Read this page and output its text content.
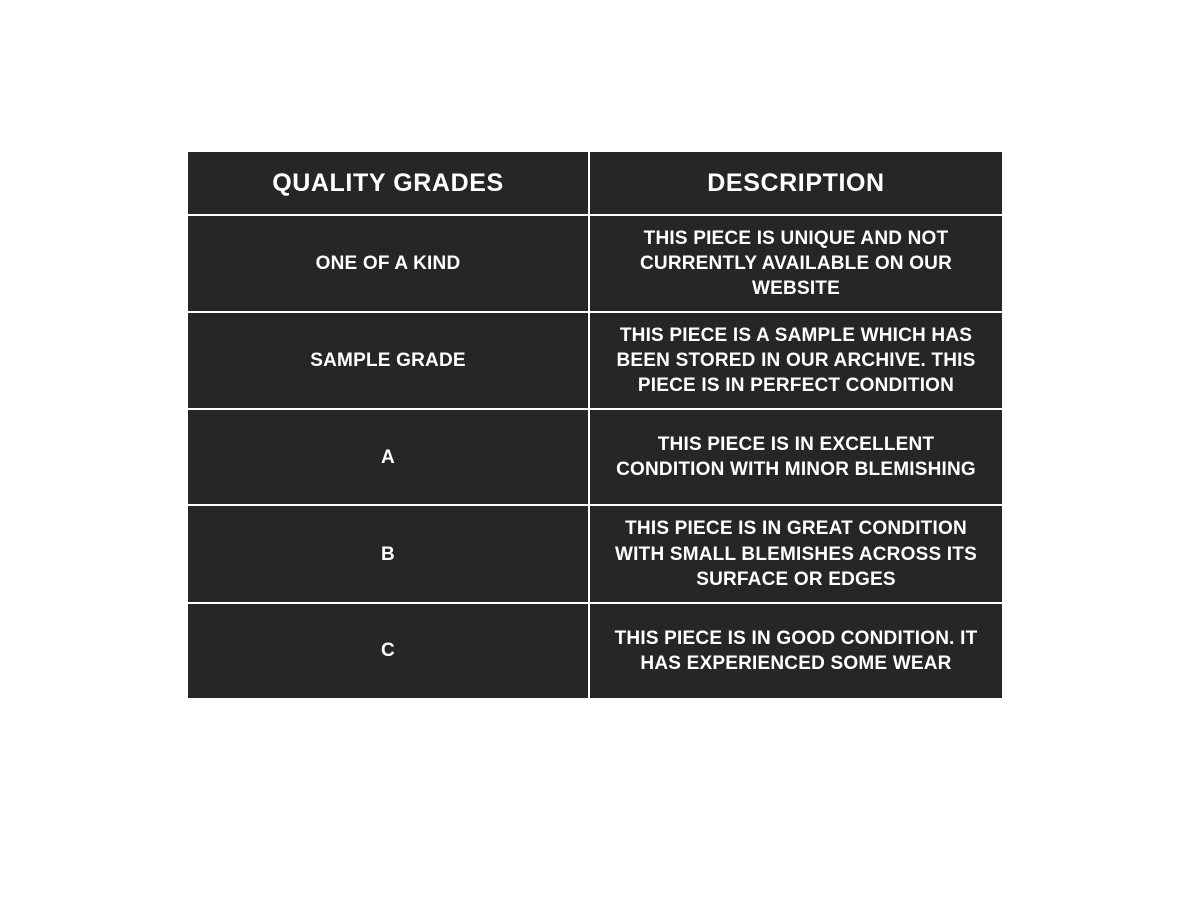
QUALITY GRADES	DESCRIPTION
ONE OF A KIND	THIS PIECE IS UNIQUE AND NOT CURRENTLY AVAILABLE ON OUR WEBSITE
SAMPLE GRADE	THIS PIECE IS A SAMPLE WHICH HAS BEEN STORED IN OUR ARCHIVE. THIS PIECE IS IN PERFECT CONDITION
A	THIS PIECE IS IN EXCELLENT CONDITION WITH MINOR BLEMISHING
B	THIS PIECE IS IN GREAT CONDITION WITH SMALL BLEMISHES ACROSS ITS SURFACE OR EDGES
C	THIS PIECE IS IN GOOD CONDITION. IT HAS EXPERIENCED SOME WEAR
